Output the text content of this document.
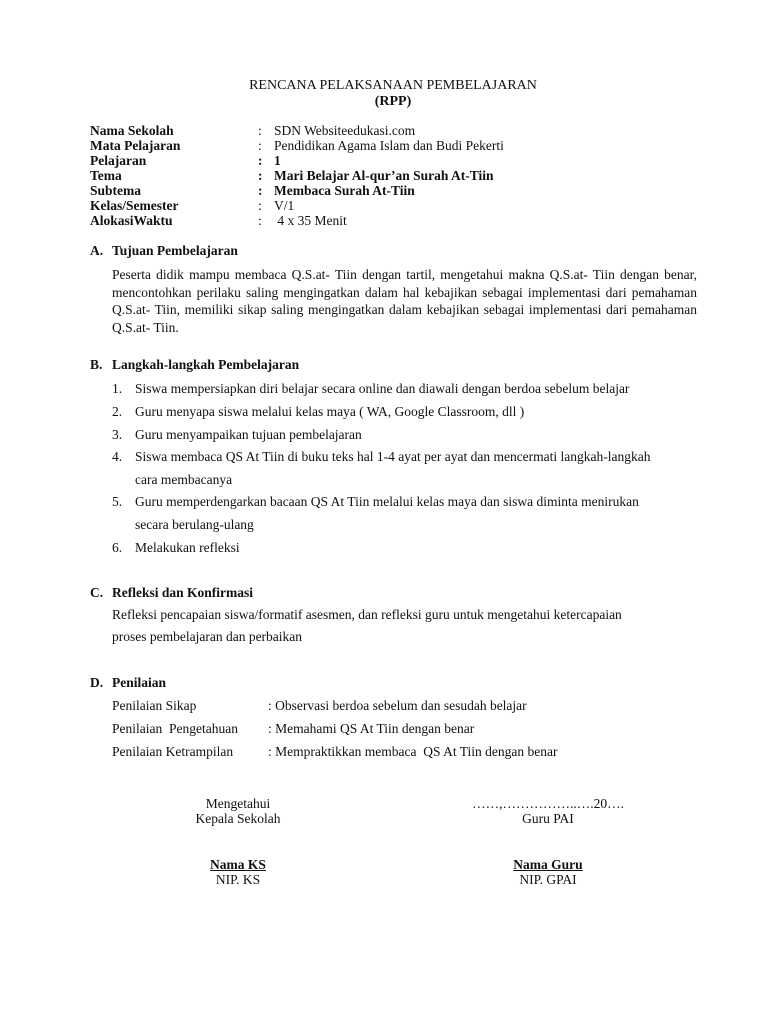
RENCANA PELAKSANAAN PEMBELAJARAN
(RPP)
Nama Sekolah	: SDN Websiteedukasi.com
Mata Pelajaran	: Pendidikan Agama Islam dan Budi Pekerti
Pelajaran	: 1
Tema	: Mari Belajar Al-qur’an Surah At-Tiin
Subtema	: Membaca Surah At-Tiin
Kelas/Semester	: V/1
AlokasiWaktu	: 4 x 35 Menit
A. Tujuan Pembelajaran
Peserta didik mampu membaca Q.S.at- Tiin dengan tartil, mengetahui makna Q.S.at- Tiin dengan benar, mencontohkan perilaku saling mengingatkan dalam hal kebajikan sebagai implementasi dari pemahaman Q.S.at- Tiin, memiliki sikap saling mengingatkan dalam kebajikan sebagai implementasi dari pemahaman Q.S.at- Tiin.
B. Langkah-langkah Pembelajaran
1. Siswa mempersiapkan diri belajar secara online dan diawali dengan berdoa sebelum belajar
2. Guru menyapa siswa melalui kelas maya ( WA, Google Classroom, dll )
3. Guru menyampaikan tujuan pembelajaran
4. Siswa membaca QS At Tiin di buku teks hal 1-4 ayat per ayat dan mencermati langkah-langkah cara membacanya
5. Guru memperdengarkan bacaan QS At Tiin melalui kelas maya dan siswa diminta menirukan secara berulang-ulang
6. Melakukan refleksi
C. Refleksi dan Konfirmasi
Refleksi pencapaian siswa/formatif asesmen, dan refleksi guru untuk mengetahui ketercapaian
proses pembelajaran dan perbaikan
D. Penilaian
Penilaian Sikap	: Observasi berdoa sebelum dan sesudah belajar
Penilaian  Pengetahuan : Memahami QS At Tiin dengan benar
Penilaian Ketrampilan	: Mempraktikkan membaca  QS At Tiin dengan benar
Mengetahui
Kepala Sekolah
Nama KS
NIP. KS
……,……………..….20….
Guru PAI
Nama Guru
NIP. GPAI
